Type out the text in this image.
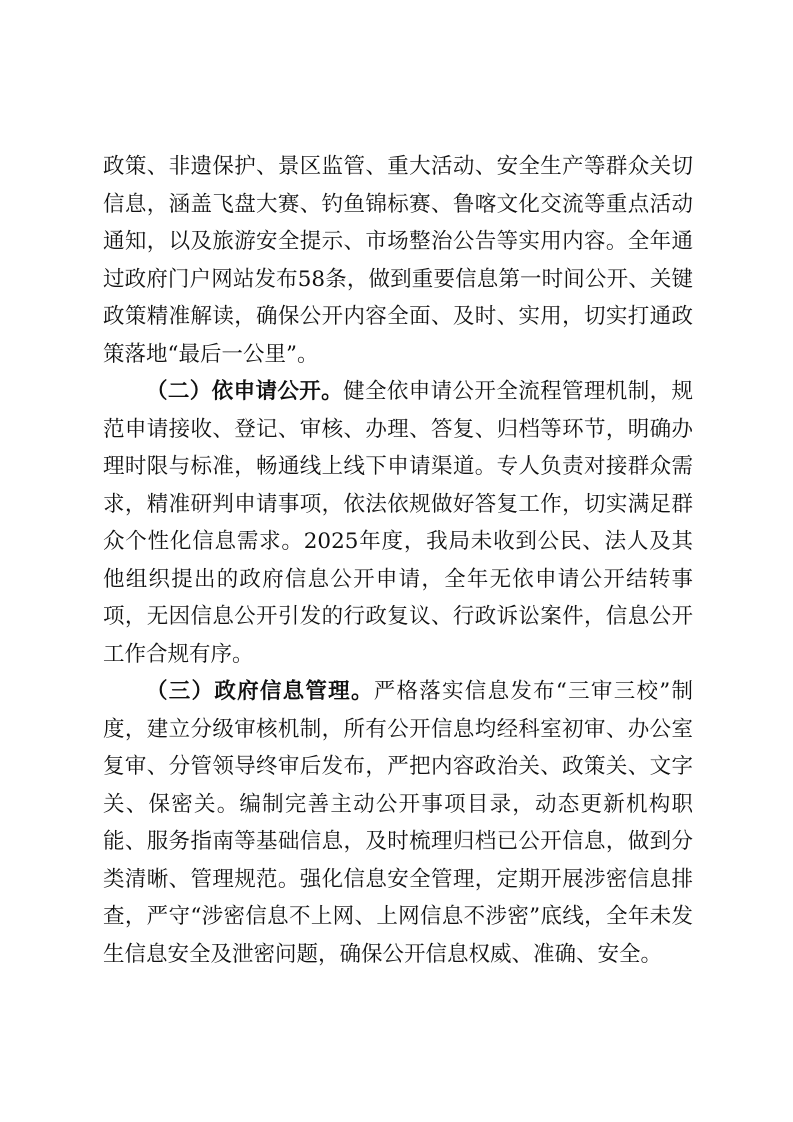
政策、非遗保护、景区监管、重大活动、安全生产等群众关切信息，涵盖飞盘大赛、钓鱼锦标赛、鲁喀文化交流等重点活动通知，以及旅游安全提示、市场整治公告等实用内容。全年通过政府门户网站发布58条，做到重要信息第一时间公开、关键政策精准解读，确保公开内容全面、及时、实用，切实打通政策落地“最后一公里”。

（二）依申请公开。健全依申请公开全流程管理机制，规范申请接收、登记、审核、办理、答复、归档等环节，明确办理时限与标准，畅通线上线下申请渠道。专人负责对接群众需求，精准研判申请事项，依法依规做好答复工作，切实满足群众个性化信息需求。2025年度，我局未收到公民、法人及其他组织提出的政府信息公开申请，全年无依申请公开结转事项，无因信息公开引发的行政复议、行政诉讼案件，信息公开工作合规有序。

（三）政府信息管理。严格落实信息发布“三审三校”制度，建立分级审核机制，所有公开信息均经科室初审、办公室复审、分管领导终审后发布，严把内容政治关、政策关、文字关、保密关。编制完善主动公开事项目录，动态更新机构职能、服务指南等基础信息，及时梳理归档已公开信息，做到分类清晰、管理规范。强化信息安全管理，定期开展涉密信息排查，严守“涉密信息不上网、上网信息不涉密”底线，全年未发生信息安全及泄密问题，确保公开信息权威、准确、安全。
